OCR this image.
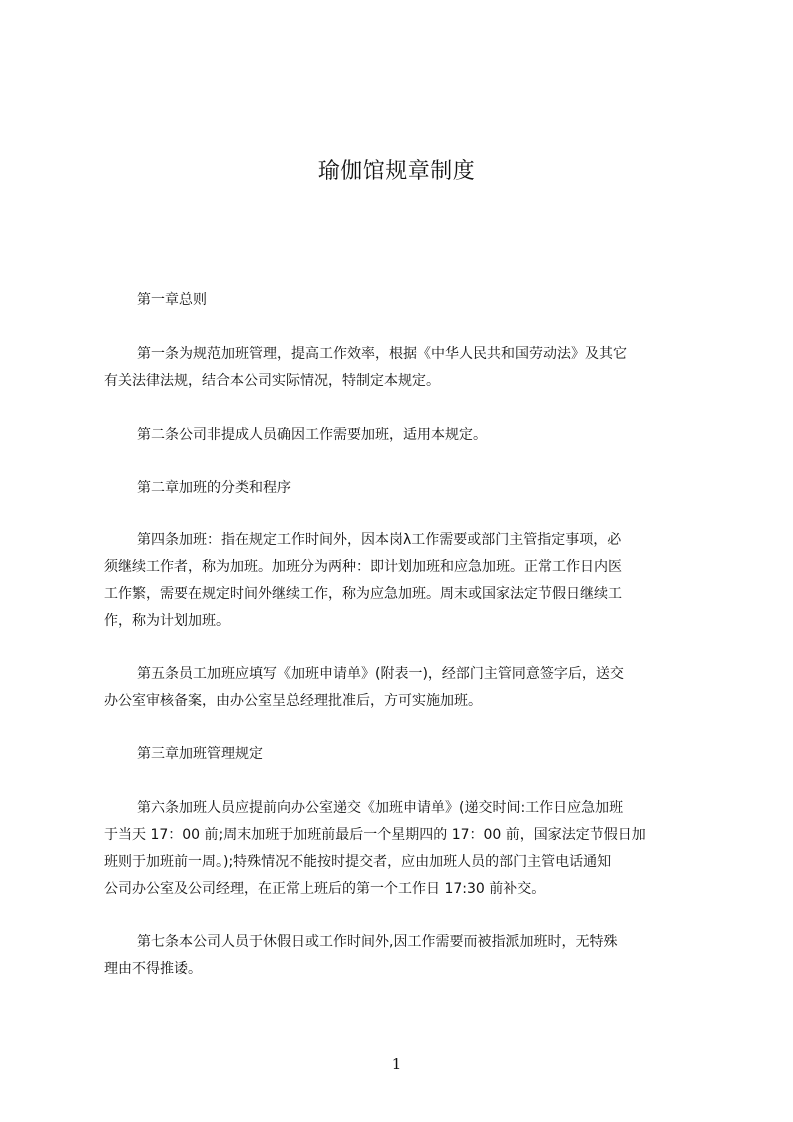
瑜伽馆规章制度
第一章总则
第一条为规范加班管理，提高工作效率，根据《中华人民共和国劳动法》及其它
有关法律法规，结合本公司实际情况，特制定本规定。
第二条公司非提成人员确因工作需要加班，适用本规定。
第二章加班的分类和程序
第四条加班：指在规定工作时间外，因本岗λ工作需要或部门主管指定事项，必
须继续工作者，称为加班。加班分为两种：即计划加班和应急加班。正常工作日内医
工作繁，需要在规定时间外继续工作，称为应急加班。周末或国家法定节假日继续工
作，称为计划加班。
第五条员工加班应填写《加班申请单》(附表一)，经部门主管同意签字后，送交
办公室审核备案，由办公室呈总经理批准后，方可实施加班。
第三章加班管理规定
第六条加班人员应提前向办公室递交《加班申请单》(递交时间:工作日应急加班
于当天 17：00 前;周末加班于加班前最后一个星期四的 17：00 前，国家法定节假日加
班则于加班前一周。);特殊情况不能按时提交者，应由加班人员的部门主管电话通知
公司办公室及公司经理，在正常上班后的第一个工作日 17:30 前补交。
第七条本公司人员于休假日或工作时间外,因工作需要而被指派加班时，无特殊
理由不得推诿。
1
